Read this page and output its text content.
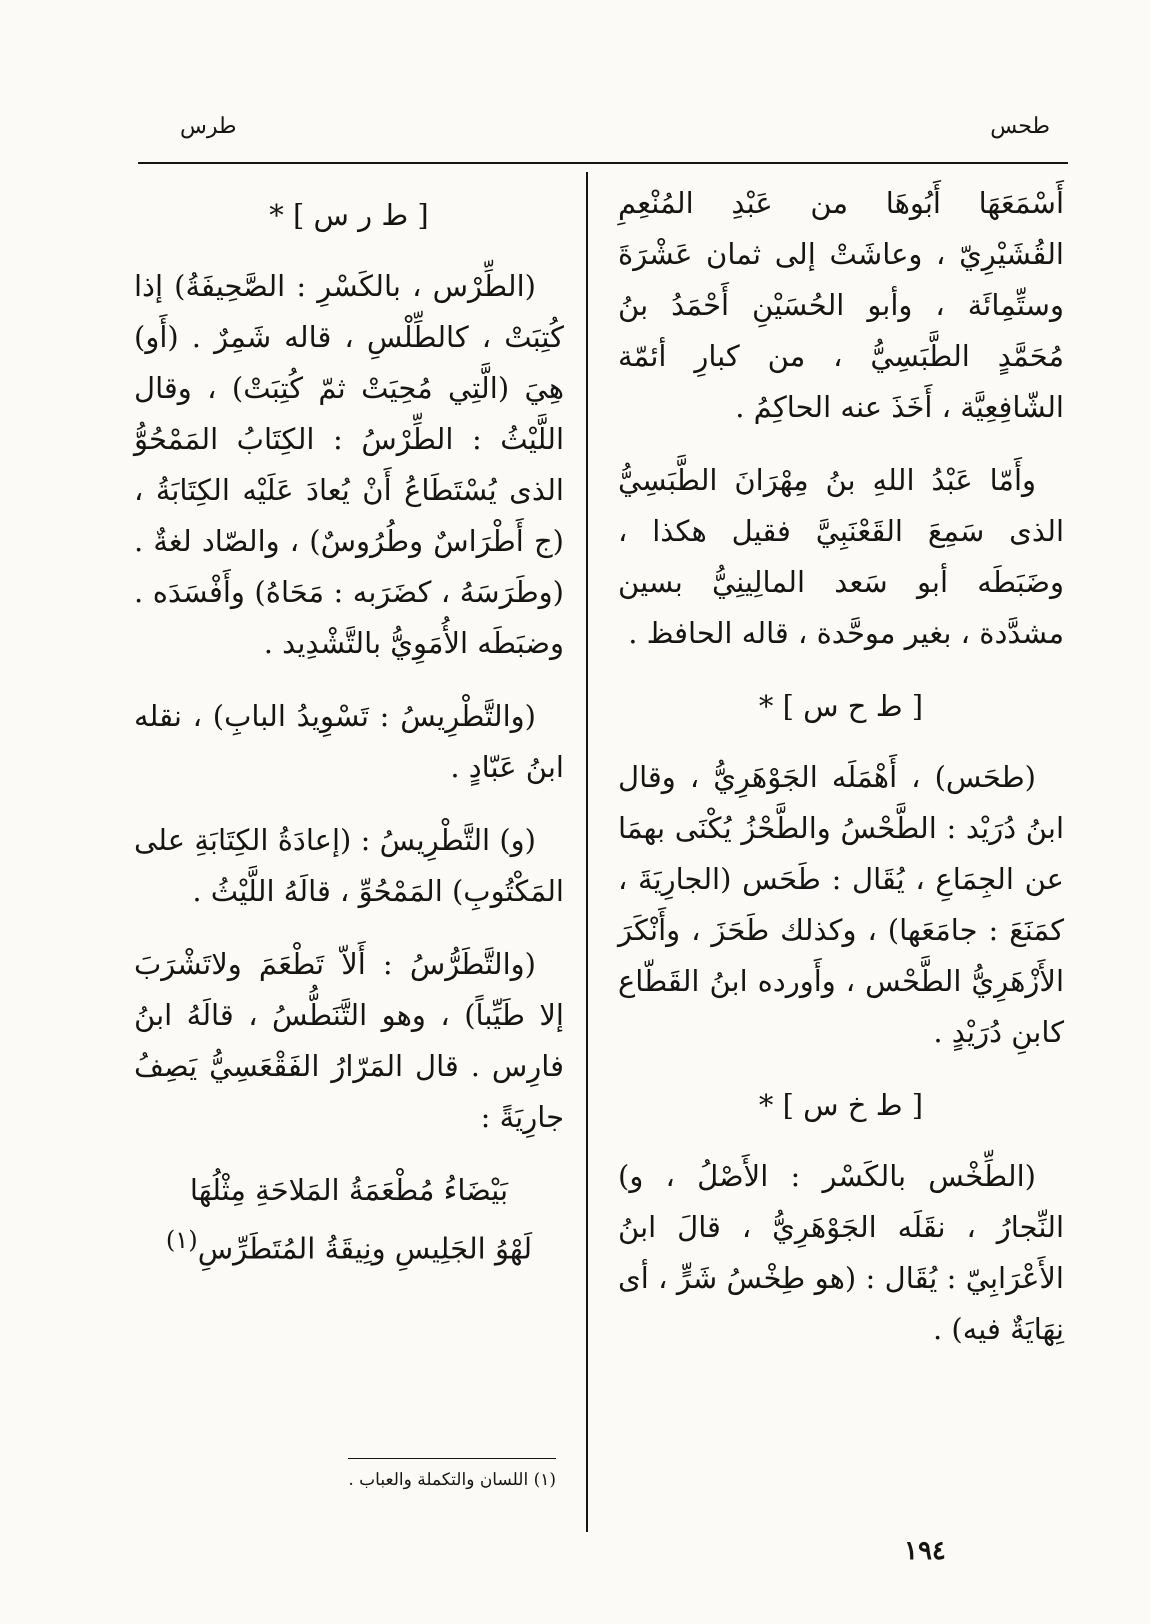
طحس
طرس

أَسْمَعَهَا أَبُوهَا من عَبْدِ المُنْعِمِ القُشَيْرِيّ ، وعاشَتْ إلى ثمان عَشْرَةَ وستِّمِائَة ، وأبو الحُسَيْنِ أَحْمَدُ بنُ مُحَمَّدٍ الطَّبَسِيُّ ، من كبارِ أئمّة الشّافِعِيَّة ، أَخَذَ عنه الحاكِمُ .

وأَمّا عَبْدُ اللهِ بنُ مِهْرَانَ الطَّبَسِيُّ الذى سَمِعَ القَعْنَبِيَّ فقيل هكذا ، وضَبَطَه أبو سَعد المالِينِيُّ بسين مشدَّدة ، بغير موحَّدة ، قاله الحافظ .

[ ط ح س ] *

(طحَس) ، أَهْمَلَه الجَوْهَرِيُّ ، وقال ابنُ دُرَيْد : الطَّحْسُ والطَّحْزُ يُكْنَى بهمَا عن الجِمَاعِ ، يُقَال : طَحَس (الجارِيَةَ ، كمَنَعَ : جامَعَها) ، وكذلك طَحَزَ ، وأَنْكَرَ الأَزْهَرِيُّ الطَّحْس ، وأَورده ابنُ القَطّاع كابنِ دُرَيْدٍ .

[ ط خ س ] *

(الطِّخْس بالكَسْر : الأَصْلُ ، و) النِّجارُ ، نقَلَه الجَوْهَرِيُّ ، قالَ ابنُ الأَعْرَابِيّ : يُقَال : (هو طِخْسُ شَرٍّ ، أى نِهَايَةٌ فيه) .

[ ط ر س ] *

(الطِّرْس ، بالكَسْرِ : الصَّحِيفَةُ) إذا كُتِبَتْ ، كالطِّلْسِ ، قاله شَمِرٌ . (أَو) هِيَ (الَّتِي مُحِيَتْ ثمّ كُتِبَتْ) ، وقال اللَّيْثُ : الطِّرْسُ : الكِتَابُ المَمْحُوُّ الذى يُسْتَطَاعُ أَنْ يُعادَ عَلَيْه الكِتَابَةُ ، (ج أَطْرَاسٌ وطُرُوسٌ) ، والصّاد لغةٌ . (وطَرَسَهُ ، كضَرَبه : مَحَاهُ) وأَفْسَدَه . وضبَطَه الأُمَوِيُّ بالتَّشْدِيد .

(والتَّطْرِيسُ : تَسْوِيدُ البابِ) ، نقله ابنُ عَبّادٍ .

(و) التَّطْرِيسُ : (إعادَةُ الكِتَابَةِ على المَكْتُوبِ) المَمْحُوِّ ، قالَهُ اللَّيْثُ .

(والتَّطَرُّسُ : أَلاّ تَطْعَمَ ولاتَشْرَبَ إلا طَيِّباً) ، وهو التَّنَطُّسُ ، قالَهُ ابنُ فارِس . قال المَرّارُ الفَقْعَسِيُّ يَصِفُ جارِيَةً :

بَيْضَاءُ مُطْعَمَةُ المَلاحَةِ مِثْلُهَا
لَهْوُ الجَلِيسِ ونِيقَةُ المُتَطَرِّسِ$^{(١)}$

(١) اللسان والتكملة والعباب .
١٩٤
